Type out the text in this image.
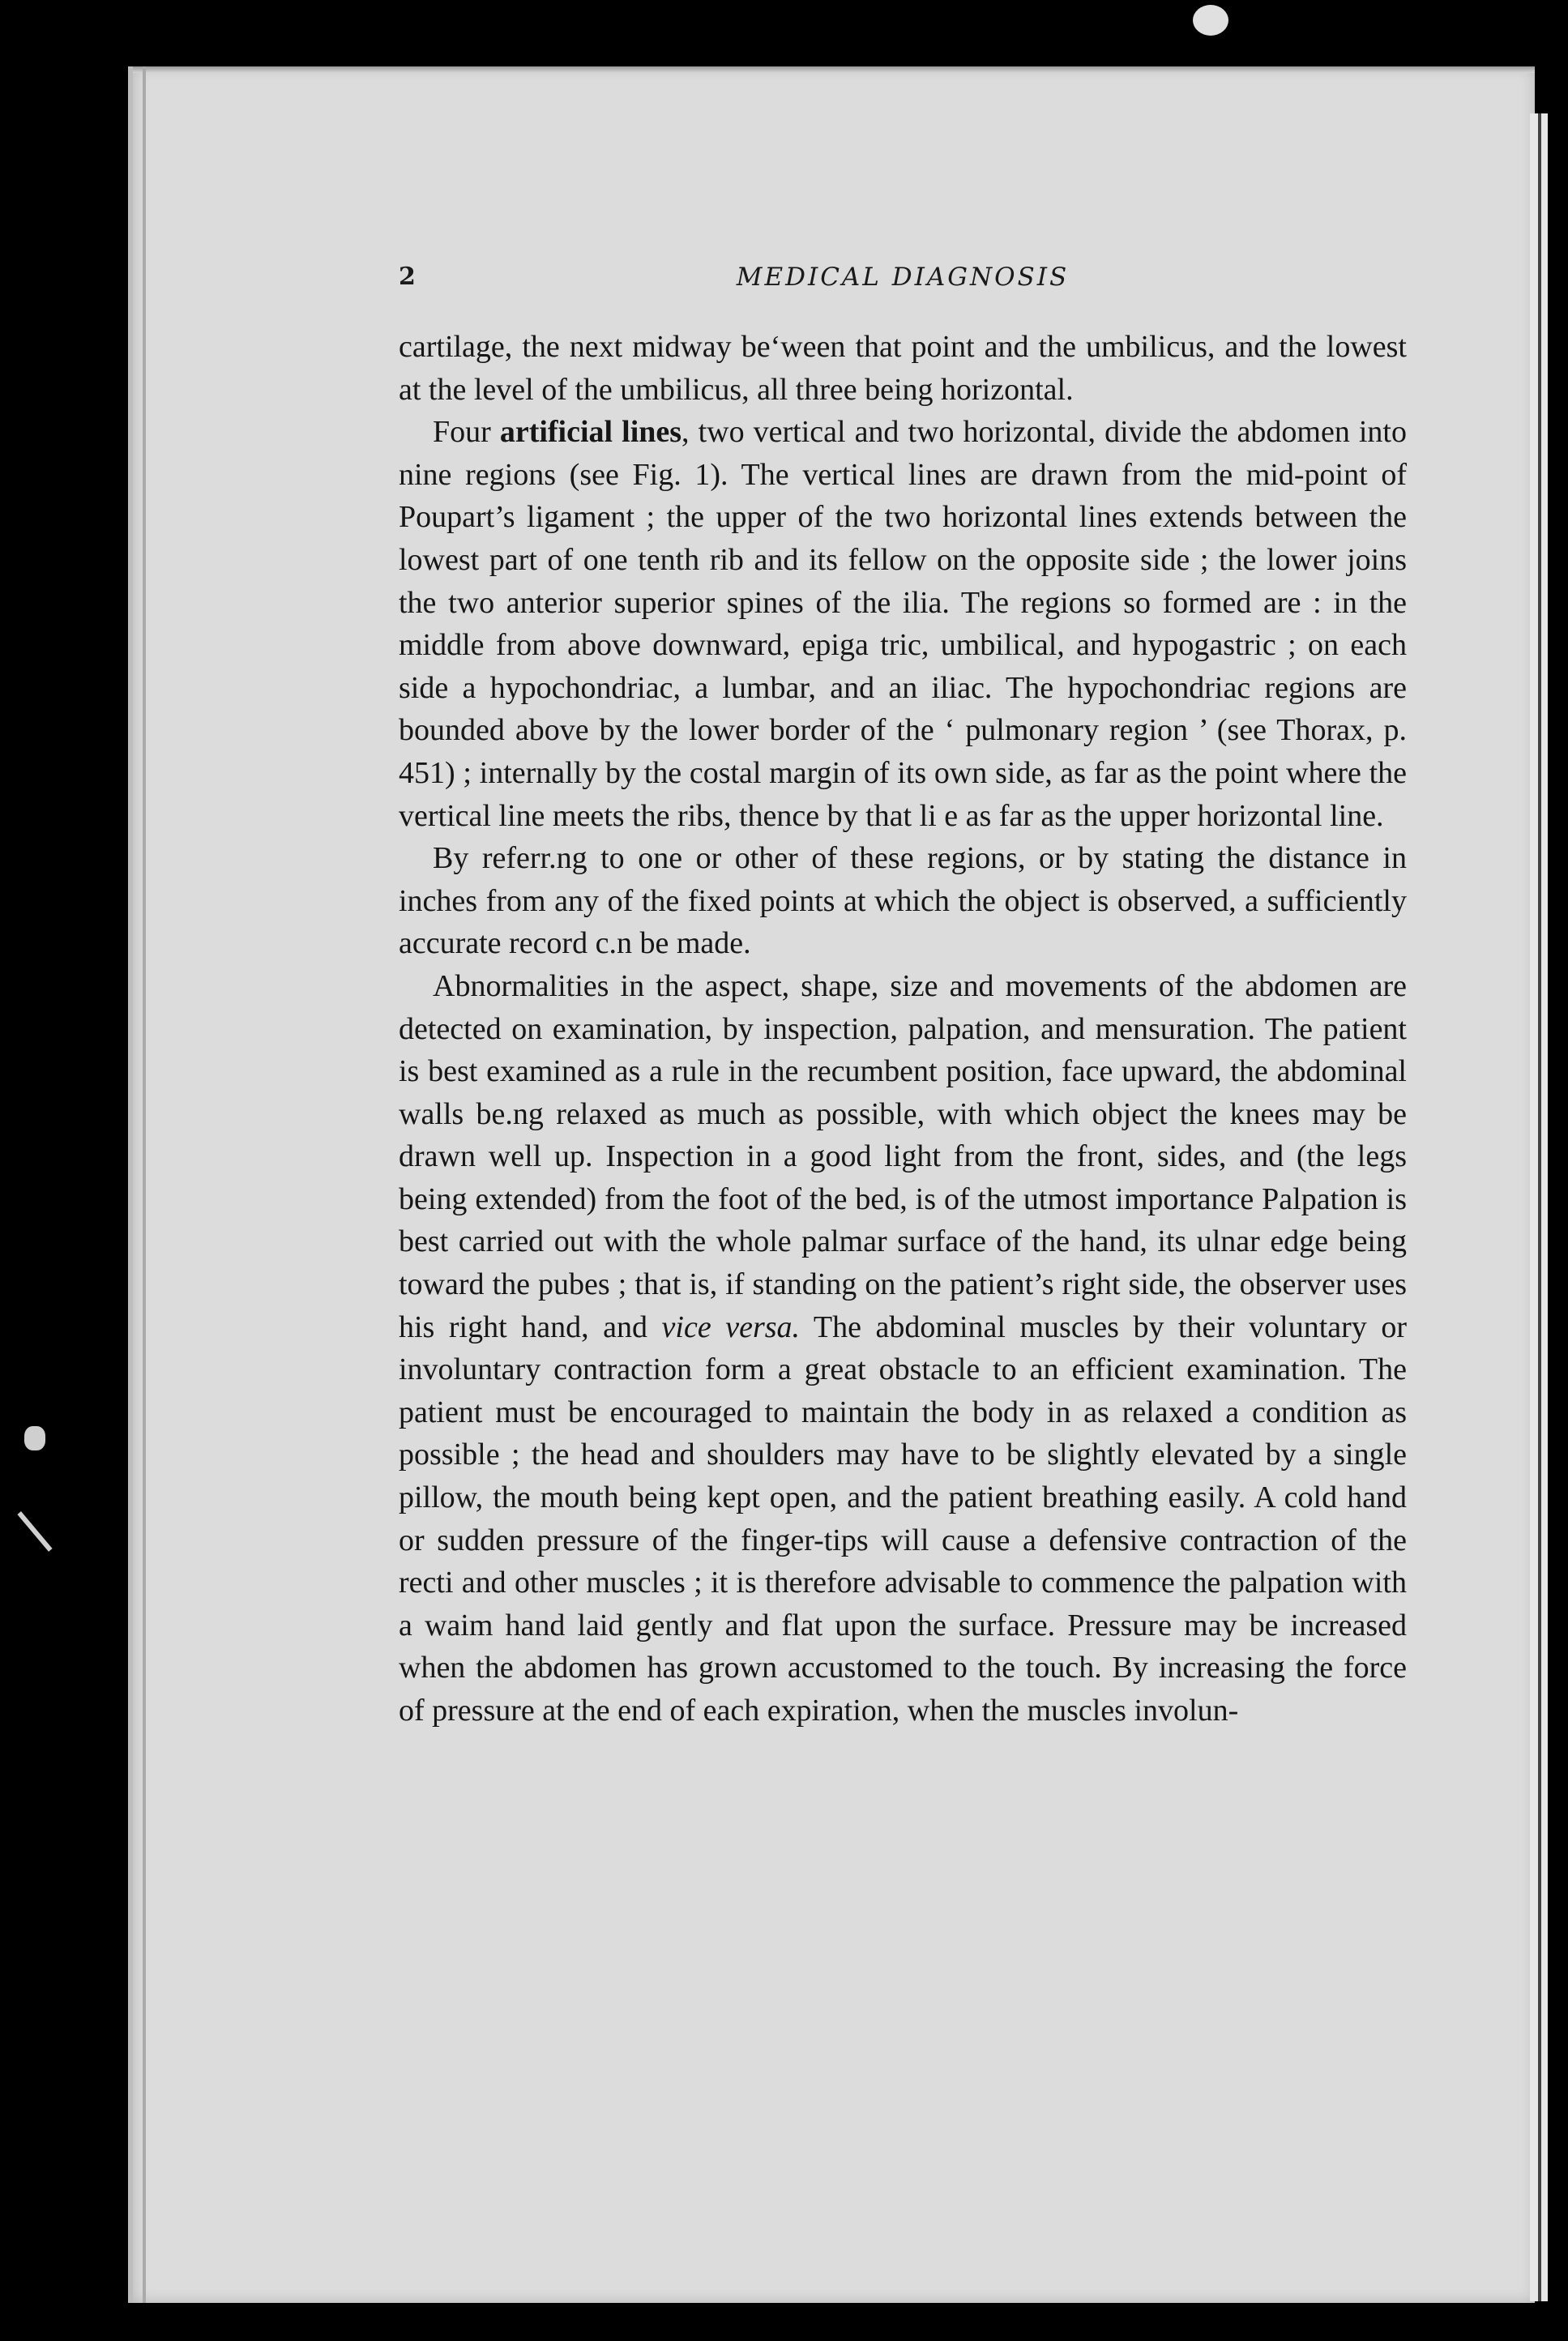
2	MEDICAL DIAGNOSIS

cartilage, the next midway be‘ween that point and the umbilicus, and the lowest at the level of the umbilicus, all three being horizontal.

Four artificial lines, two vertical and two horizontal, divide the abdomen into nine regions (see Fig. 1). The vertical lines are drawn from the mid-point of Poupart’s ligament ; the upper of the two horizontal lines extends between the lowest part of one tenth rib and its fellow on the opposite side ; the lower joins the two anterior superior spines of the ilia. The regions so formed are : in the middle from above downward, epiga tric, umbilical, and hypogastric ; on each side a hypochondriac, a lumbar, and an iliac. The hypochondriac regions are bounded above by the lower border of the ‘ pulmonary region ’ (see Thorax, p. 451) ; internally by the costal margin of its own side, as far as the point where the vertical line meets the ribs, thence by that li e as far as the upper horizontal line.

By referr.ng to one or other of these regions, or by stating the distance in inches from any of the fixed points at which the object is observed, a sufficiently accurate record c.n be made.

Abnormalities in the aspect, shape, size and movements of the abdomen are detected on examination, by inspection, palpation, and mensuration. The patient is best examined as a rule in the recumbent position, face upward, the abdominal walls be.ng relaxed as much as possible, with which object the knees may be drawn well up. Inspection in a good light from the front, sides, and (the legs being extended) from the foot of the bed, is of the utmost importance Palpation is best carried out with the whole palmar surface of the hand, its ulnar edge being toward the pubes ; that is, if standing on the patient’s right side, the observer uses his right hand, and vice versa. The abdominal muscles by their voluntary or involuntary contraction form a great obstacle to an efficient examination. The patient must be encouraged to maintain the body in as relaxed a condition as possible ; the head and shoulders may have to be slightly elevated by a single pillow, the mouth being kept open, and the patient breathing easily. A cold hand or sudden pressure of the finger-tips will cause a defensive contraction of the recti and other muscles ; it is therefore advisable to commence the palpation with a waim hand laid gently and flat upon the surface. Pressure may be increased when the abdomen has grown accustomed to the touch. By increasing the force of pressure at the end of each expiration, when the muscles involun-
